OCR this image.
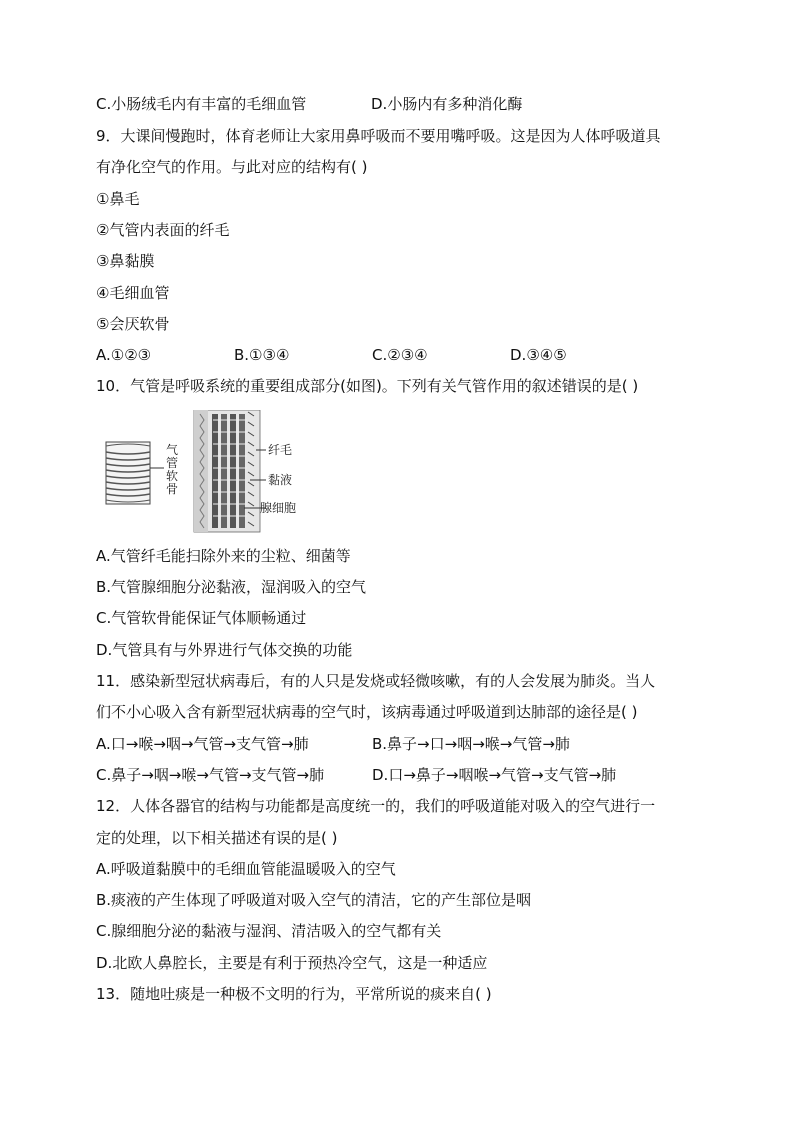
C.小肠绒毛内有丰富的毛细血管	D.小肠内有多种消化酶
9．大课间慢跑时，体育老师让大家用鼻呼吸而不要用嘴呼吸。这是因为人体呼吸道具
有净化空气的作用。与此对应的结构有( )
①鼻毛
②气管内表面的纤毛
③鼻黏膜
④毛细血管
⑤会厌软骨
A.①②③	B.①③④	C.②③④	D.③④⑤
10．气管是呼吸系统的重要组成部分(如图)。下列有关气管作用的叙述错误的是( )
气管软骨
纤毛
黏液
腺细胞
A.气管纤毛能扫除外来的尘粒、细菌等
B.气管腺细胞分泌黏液，湿润吸入的空气
C.气管软骨能保证气体顺畅通过
D.气管具有与外界进行气体交换的功能
11．感染新型冠状病毒后，有的人只是发烧或轻微咳嗽，有的人会发展为肺炎。当人
们不小心吸入含有新型冠状病毒的空气时，该病毒通过呼吸道到达肺部的途径是( )
A.口→喉→咽→气管→支气管→肺	B.鼻子→口→咽→喉→气管→肺
C.鼻子→咽→喉→气管→支气管→肺	D.口→鼻子→咽喉→气管→支气管→肺
12．人体各器官的结构与功能都是高度统一的，我们的呼吸道能对吸入的空气进行一
定的处理，以下相关描述有误的是( )
A.呼吸道黏膜中的毛细血管能温暖吸入的空气
B.痰液的产生体现了呼吸道对吸入空气的清洁，它的产生部位是咽
C.腺细胞分泌的黏液与湿润、清洁吸入的空气都有关
D.北欧人鼻腔长，主要是有利于预热冷空气，这是一种适应
13．随地吐痰是一种极不文明的行为，平常所说的痰来自( )
